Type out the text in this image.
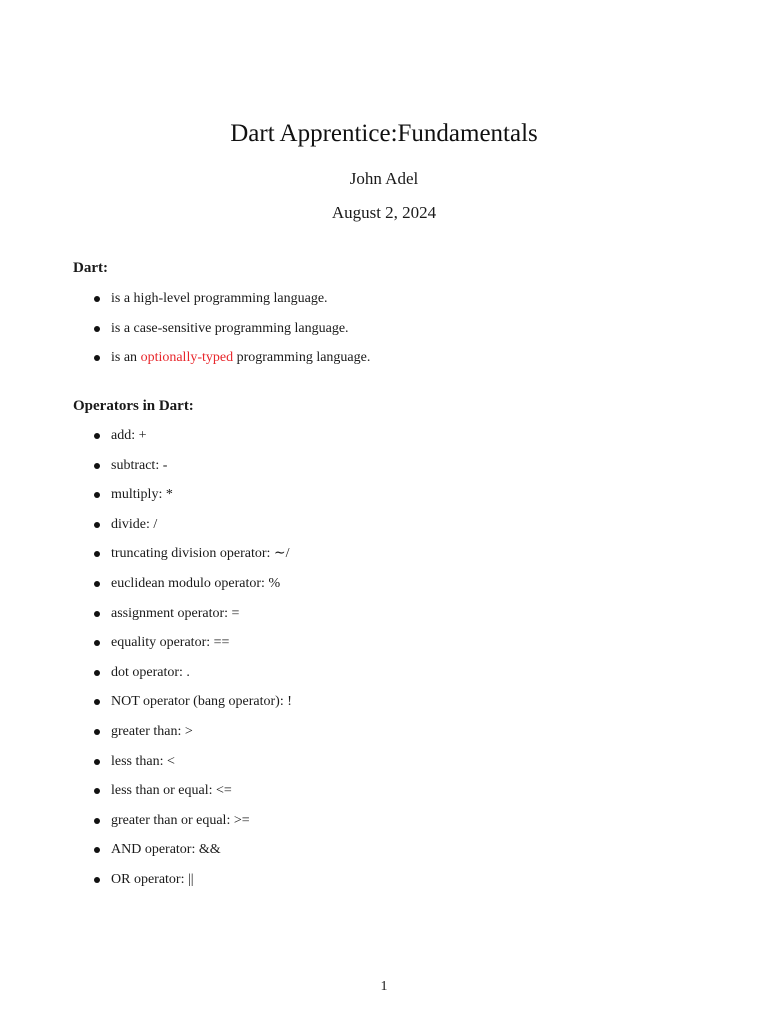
Dart Apprentice:Fundamentals
John Adel
August 2, 2024
Dart:
is a high-level programming language.
is a case-sensitive programming language.
is an optionally-typed programming language.
Operators in Dart:
add: +
subtract: -
multiply: *
divide: /
truncating division operator: ∼/
euclidean modulo operator: %
assignment operator: =
equality operator: ==
dot operator: .
NOT operator (bang operator): !
greater than: >
less than: <
less than or equal: <=
greater than or equal: >=
AND operator: &&
OR operator: ||
1
